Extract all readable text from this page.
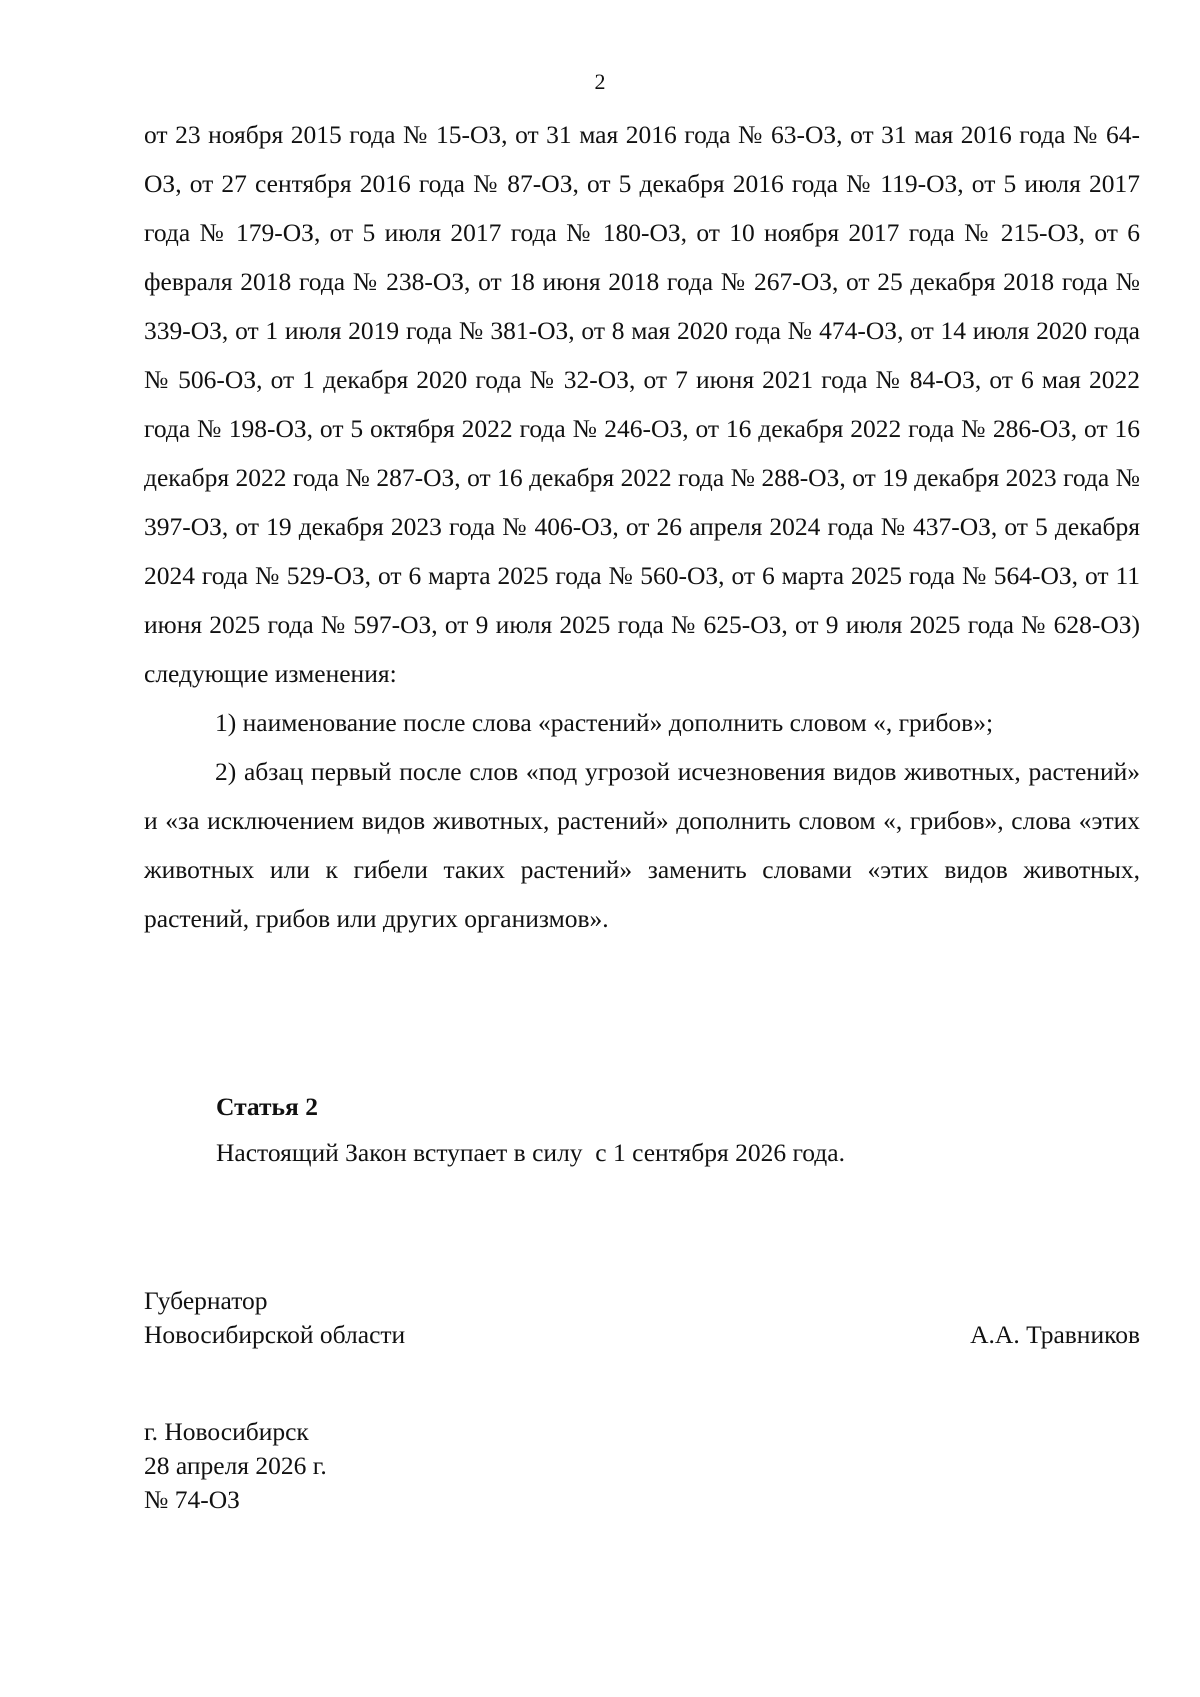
2

от 23 ноября 2015 года № 15-ОЗ, от 31 мая 2016 года № 63-ОЗ, от 31 мая 2016 года № 64-ОЗ, от 27 сентября 2016 года № 87-ОЗ, от 5 декабря 2016 года № 119-ОЗ, от 5 июля 2017 года № 179-ОЗ, от 5 июля 2017 года № 180-ОЗ, от 10 ноября 2017 года № 215-ОЗ, от 6 февраля 2018 года № 238-ОЗ, от 18 июня 2018 года № 267-ОЗ, от 25 декабря 2018 года № 339-ОЗ, от 1 июля 2019 года № 381-ОЗ, от 8 мая 2020 года № 474-ОЗ, от 14 июля 2020 года № 506-ОЗ, от 1 декабря 2020 года № 32-ОЗ, от 7 июня 2021 года № 84-ОЗ, от 6 мая 2022 года № 198-ОЗ, от 5 октября 2022 года № 246-ОЗ, от 16 декабря 2022 года № 286-ОЗ, от 16 декабря 2022 года № 287-ОЗ, от 16 декабря 2022 года № 288-ОЗ, от 19 декабря 2023 года № 397-ОЗ, от 19 декабря 2023 года № 406-ОЗ, от 26 апреля 2024 года № 437-ОЗ, от 5 декабря 2024 года № 529-ОЗ, от 6 марта 2025 года № 560-ОЗ, от 6 марта 2025 года № 564-ОЗ, от 11 июня 2025 года № 597-ОЗ, от 9 июля 2025 года № 625-ОЗ, от 9 июля 2025 года № 628-ОЗ) следующие изменения:

1) наименование после слова «растений» дополнить словом «, грибов»;

2) абзац первый после слов «под угрозой исчезновения видов животных, растений» и «за исключением видов животных, растений» дополнить словом «, грибов», слова «этих животных или к гибели таких растений» заменить словами «этих видов животных, растений, грибов или других организмов».

Статья 2
Настоящий Закон вступает в силу  с 1 сентября 2026 года.
Губернатор
Новосибирской области	А.А. Травников
г. Новосибирск
28 апреля 2026 г.
№ 74-ОЗ
